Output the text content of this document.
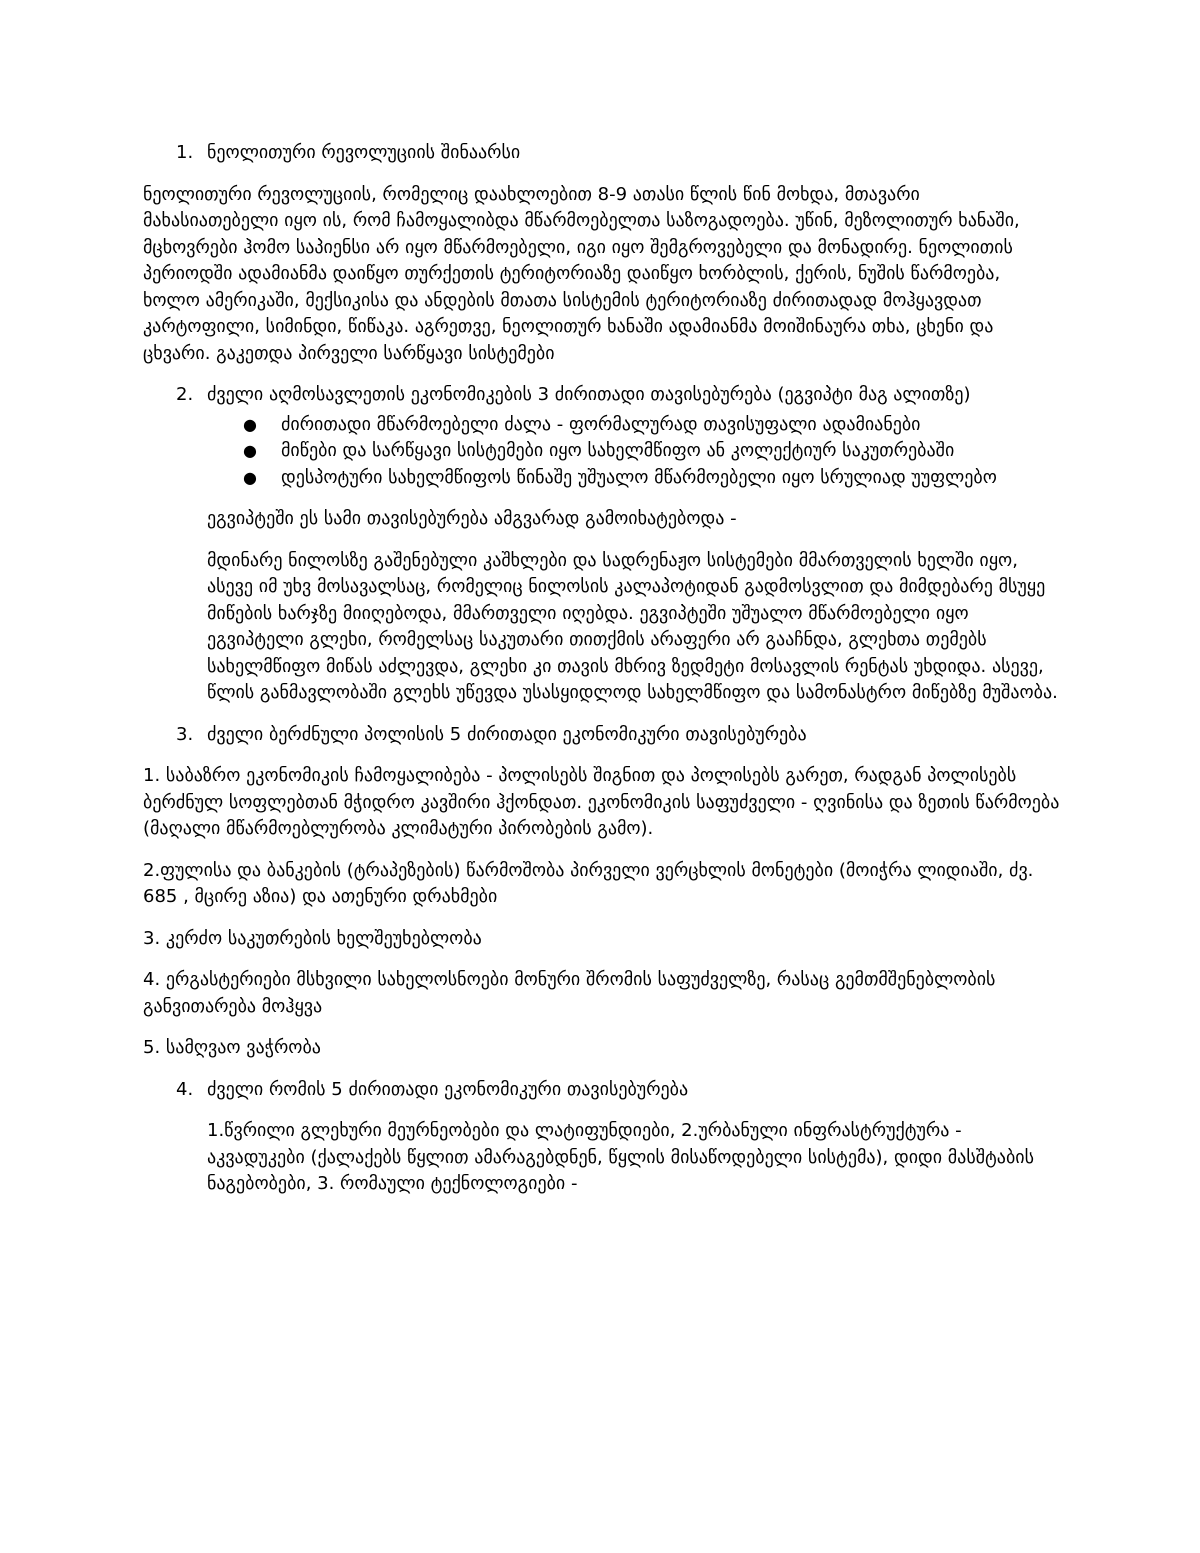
1. ნეოლითური რევოლუციის შინაარსი

ნეოლითური რევოლუციის, რომელიც დაახლოებით 8-9 ათასი წლის წინ მოხდა, მთავარი მახასიათებელი იყო ის, რომ ჩამოყალიბდა მწარმოებელთა საზოგადოება. უწინ, მეზოლითურ ხანაში, მცხოვრები ჰომო საპიენსი არ იყო მწარმოებელი, იგი იყო შემგროვებელი და მონადირე. ნეოლითის პერიოდში ადამიანმა დაიწყო თურქეთის ტერიტორიაზე დაიწყო ხორბლის, ქერის, ნუშის წარმოება, ხოლო ამერიკაში, მექსიკისა და ანდების მთათა სისტემის ტერიტორიაზე ძირითადად მოჰყავდათ კარტოფილი, სიმინდი, წიწაკა. აგრეთვე, ნეოლითურ ხანაში ადამიანმა მოიშინაურა თხა, ცხენი და ცხვარი. გაკეთდა პირველი სარწყავი სისტემები

2. ძველი აღმოსავლეთის ეკონომიკების 3 ძირითადი თავისებურება (ეგვიპტი მაგ ალითზე)
●	ძირითადი მწარმოებელი ძალა - ფორმალურად თავისუფალი ადამიანები
●	მიწები და სარწყავი სისტემები იყო სახელმწიფო ან კოლექტიურ საკუთრებაში
●	დესპოტური სახელმწიფოს წინაშე უშუალო მწარმოებელი იყო სრულიად უუფლებო

ეგვიპტეში ეს სამი თავისებურება ამგვარად გამოიხატებოდა -

მდინარე ნილოსზე გაშენებული კაშხლები და სადრენაჟო სისტემები მმართველის ხელში იყო, ასევე იმ უხვ მოსავალსაც, რომელიც ნილოსის კალაპოტიდან გადმოსვლით და მიმდებარე მსუყე მიწების ხარჯზე მიიღებოდა, მმართველი იღებდა. ეგვიპტეში უშუალო მწარმოებელი იყო ეგვიპტელი გლეხი, რომელსაც საკუთარი თითქმის არაფერი არ გააჩნდა, გლეხთა თემებს სახელმწიფო მიწას აძლევდა, გლეხი კი თავის მხრივ ზედმეტი მოსავლის რენტას უხდიდა. ასევე, წლის განმავლობაში გლეხს უწევდა უსასყიდლოდ სახელმწიფო და სამონასტრო მიწებზე მუშაობა.

3. ძველი ბერძნული პოლისის 5 ძირითადი ეკონომიკური თავისებურება

1. საბაზრო ეკონომიკის ჩამოყალიბება - პოლისებს შიგნით და პოლისებს გარეთ, რადგან პოლისებს ბერძნულ სოფლებთან მჭიდრო კავშირი ჰქონდათ. ეკონომიკის საფუძველი - ღვინისა და ზეთის წარმოება (მაღალი მწარმოებლურობა კლიმატური პირობების გამო).

2.ფულისა და ბანკების (ტრაპეზების) წარმოშობა პირველი ვერცხლის მონეტები (მოიჭრა ლიდიაში, ძვ. 685 , მცირე აზია) და ათენური დრახმები

3. კერძო საკუთრების ხელშეუხებლობა

4. ერგასტერიები მსხვილი სახელოსნოები მონური შრომის საფუძველზე, რასაც გემთმშენებლობის განვითარება მოჰყვა

5. სამღვაო ვაჭრობა

4. ძველი რომის 5 ძირითადი ეკონომიკური თავისებურება

1.წვრილი გლეხური მეურნეობები და ლატიფუნდიები, 2.ურბანული ინფრასტრუქტურა - აკვადუკები (ქალაქებს წყლით ამარაგებდნენ, წყლის მისაწოდებელი სისტემა), დიდი მასშტაბის ნაგებობები, 3. რომაული ტექნოლოგიები -
